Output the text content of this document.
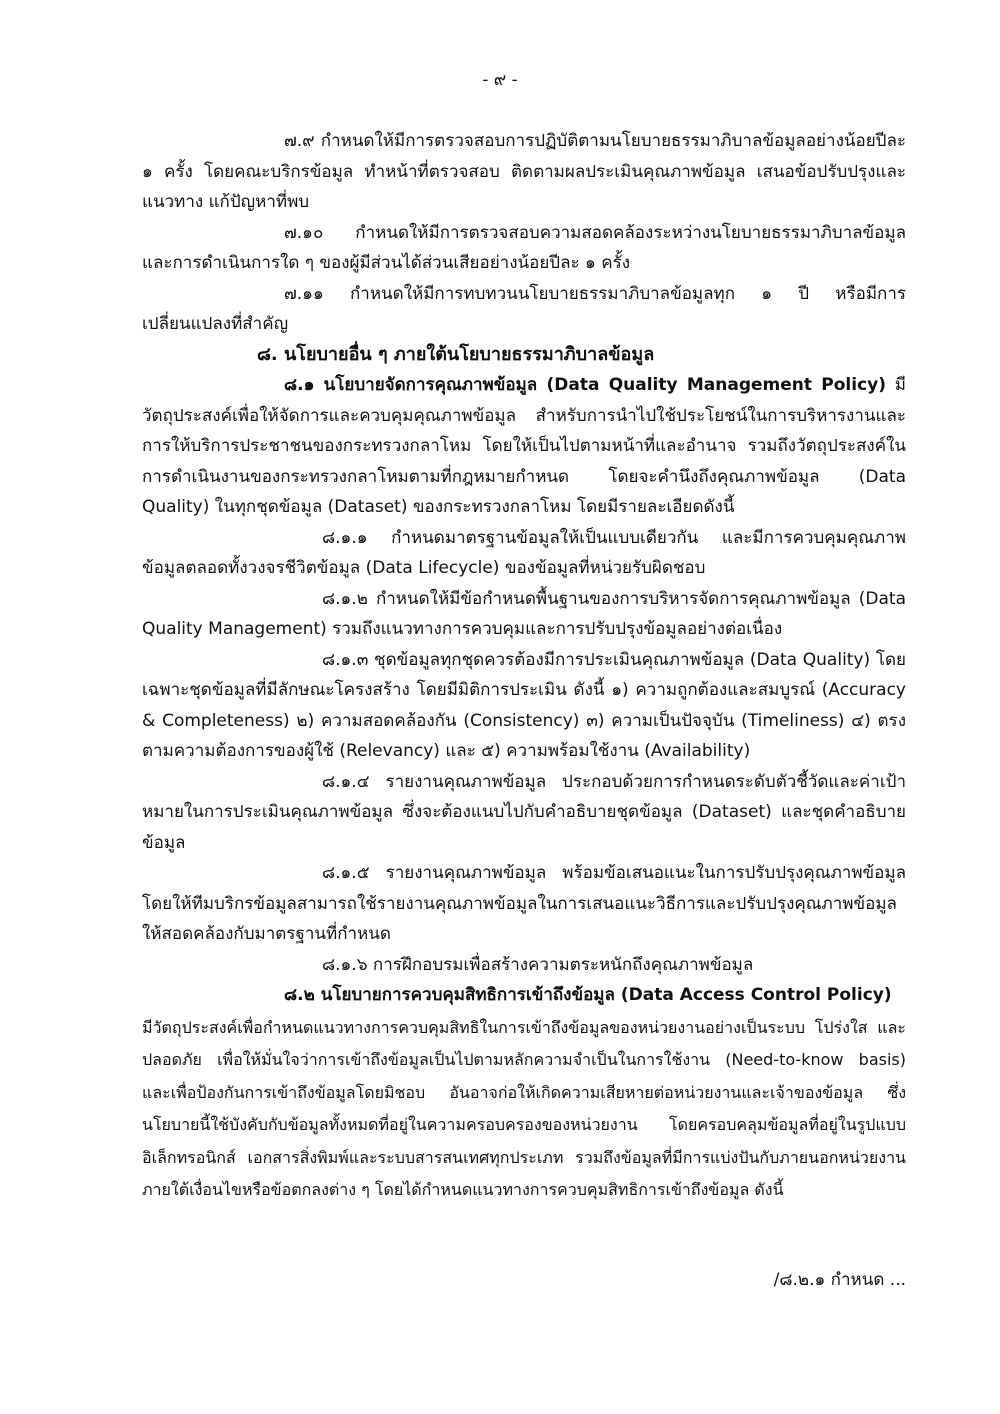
- ๙ -

๗.๙ กำหนดให้มีการตรวจสอบการปฏิบัติตามนโยบายธรรมาภิบาลข้อมูลอย่างน้อยปีละ ๑ ครั้ง โดยคณะบริกรข้อมูล ทำหน้าที่ตรวจสอบ ติดตามผลประเมินคุณภาพข้อมูล เสนอข้อปรับปรุงและแนวทาง แก้ปัญหาที่พบ

๗.๑๐ กำหนดให้มีการตรวจสอบความสอดคล้องระหว่างนโยบายธรรมาภิบาลข้อมูล และการดำเนินการใด ๆ ของผู้มีส่วนได้ส่วนเสียอย่างน้อยปีละ ๑ ครั้ง

๗.๑๑ กำหนดให้มีการทบทวนนโยบายธรรมาภิบาลข้อมูลทุก ๑ ปี หรือมีการเปลี่ยนแปลงที่สำคัญ

๘. นโยบายอื่น ๆ ภายใต้นโยบายธรรมาภิบาลข้อมูล

๘.๑ นโยบายจัดการคุณภาพข้อมูล (Data Quality Management Policy) มีวัตถุประสงค์เพื่อให้จัดการและควบคุมคุณภาพข้อมูล สำหรับการนำไปใช้ประโยชน์ในการบริหารงานและการให้บริการประชาชนของกระทรวงกลาโหม โดยให้เป็นไปตามหน้าที่และอำนาจ รวมถึงวัตถุประสงค์ในการดำเนินงานของกระทรวงกลาโหมตามที่กฎหมายกำหนด โดยจะคำนึงถึงคุณภาพข้อมูล (Data Quality) ในทุกชุดข้อมูล (Dataset) ของกระทรวงกลาโหม โดยมีรายละเอียดดังนี้

๘.๑.๑ กำหนดมาตรฐานข้อมูลให้เป็นแบบเดียวกัน และมีการควบคุมคุณภาพข้อมูลตลอดทั้งวงจรชีวิตข้อมูล (Data Lifecycle) ของข้อมูลที่หน่วยรับผิดชอบ

๘.๑.๒ กำหนดให้มีข้อกำหนดพื้นฐานของการบริหารจัดการคุณภาพข้อมูล (Data Quality Management) รวมถึงแนวทางการควบคุมและการปรับปรุงข้อมูลอย่างต่อเนื่อง

๘.๑.๓ ชุดข้อมูลทุกชุดควรต้องมีการประเมินคุณภาพข้อมูล (Data Quality) โดยเฉพาะชุดข้อมูลที่มีลักษณะโครงสร้าง โดยมีมิติการประเมิน ดังนี้ ๑) ความถูกต้องและสมบูรณ์ (Accuracy & Completeness) ๒) ความสอดคล้องกัน (Consistency) ๓) ความเป็นปัจจุบัน (Timeliness) ๔) ตรงตามความต้องการของผู้ใช้ (Relevancy) และ ๕) ความพร้อมใช้งาน (Availability)

๘.๑.๔ รายงานคุณภาพข้อมูล ประกอบด้วยการกำหนดระดับตัวชี้วัดและค่าเป้าหมายในการประเมินคุณภาพข้อมูล ซึ่งจะต้องแนบไปกับคำอธิบายชุดข้อมูล (Dataset) และชุดคำอธิบายข้อมูล

๘.๑.๕ รายงานคุณภาพข้อมูล พร้อมข้อเสนอแนะในการปรับปรุงคุณภาพข้อมูลโดยให้ทีมบริกรข้อมูลสามารถใช้รายงานคุณภาพข้อมูลในการเสนอแนะวิธีการและปรับปรุงคุณภาพข้อมูลให้สอดคล้องกับมาตรฐานที่กำหนด

๘.๑.๖ การฝึกอบรมเพื่อสร้างความตระหนักถึงคุณภาพข้อมูล

๘.๒ นโยบายการควบคุมสิทธิการเข้าถึงข้อมูล (Data Access Control Policy)

มีวัตถุประสงค์เพื่อกำหนดแนวทางการควบคุมสิทธิในการเข้าถึงข้อมูลของหน่วยงานอย่างเป็นระบบ โปร่งใส และปลอดภัย เพื่อให้มั่นใจว่าการเข้าถึงข้อมูลเป็นไปตามหลักความจำเป็นในการใช้งาน (Need-to-know basis) และเพื่อป้องกันการเข้าถึงข้อมูลโดยมิชอบ อันอาจก่อให้เกิดความเสียหายต่อหน่วยงานและเจ้าของข้อมูล ซึ่งนโยบายนี้ใช้บังคับกับข้อมูลทั้งหมดที่อยู่ในความครอบครองของหน่วยงาน โดยครอบคลุมข้อมูลที่อยู่ในรูปแบบอิเล็กทรอนิกส์ เอกสารสิ่งพิมพ์และระบบสารสนเทศทุกประเภท รวมถึงข้อมูลที่มีการแบ่งปันกับภายนอกหน่วยงานภายใต้เงื่อนไขหรือข้อตกลงต่าง ๆ โดยได้กำหนดแนวทางการควบคุมสิทธิการเข้าถึงข้อมูล ดังนี้

/๘.๒.๑ กำหนด ...
